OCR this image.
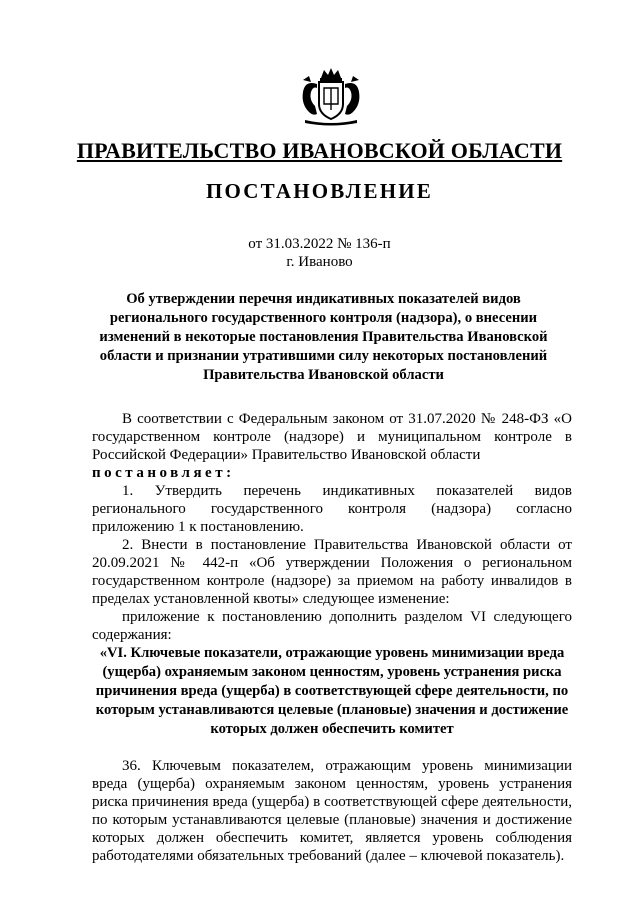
ПРАВИТЕЛЬСТВО ИВАНОВСКОЙ ОБЛАСТИ
ПОСТАНОВЛЕНИЕ
от 31.03.2022 № 136-п
г. Иваново
Об утверждении перечня индикативных показателей видов регионального государственного контроля (надзора), о внесении изменений в некоторые постановления Правительства Ивановской области и признании утратившими силу некоторых постановлений Правительства Ивановской области

В соответствии с Федеральным законом от 31.07.2020 № 248-ФЗ «О государственном контроле (надзоре) и муниципальном контроле в Российской Федерации» Правительство Ивановской области
постановляет:

1. Утвердить перечень индикативных показателей видов регионального государственного контроля (надзора) согласно приложению 1 к постановлению.

2. Внести в постановление Правительства Ивановской области от 20.09.2021 № 442-п «Об утверждении Положения о региональном государственном контроле (надзоре) за приемом на работу инвалидов в пределах установленной квоты» следующее изменение:

приложение к постановлению дополнить разделом VI следующего содержания:

«VI. Ключевые показатели, отражающие уровень минимизации вреда (ущерба) охраняемым законом ценностям, уровень устранения риска причинения вреда (ущерба) в соответствующей сфере деятельности, по которым устанавливаются целевые (плановые) значения и достижение которых должен обеспечить комитет

36. Ключевым показателем, отражающим уровень минимизации вреда (ущерба) охраняемым законом ценностям, уровень устранения риска причинения вреда (ущерба) в соответствующей сфере деятельности, по которым устанавливаются целевые (плановые) значения и достижение которых должен обеспечить комитет, является уровень соблюдения работодателями обязательных требований (далее – ключевой показатель).
